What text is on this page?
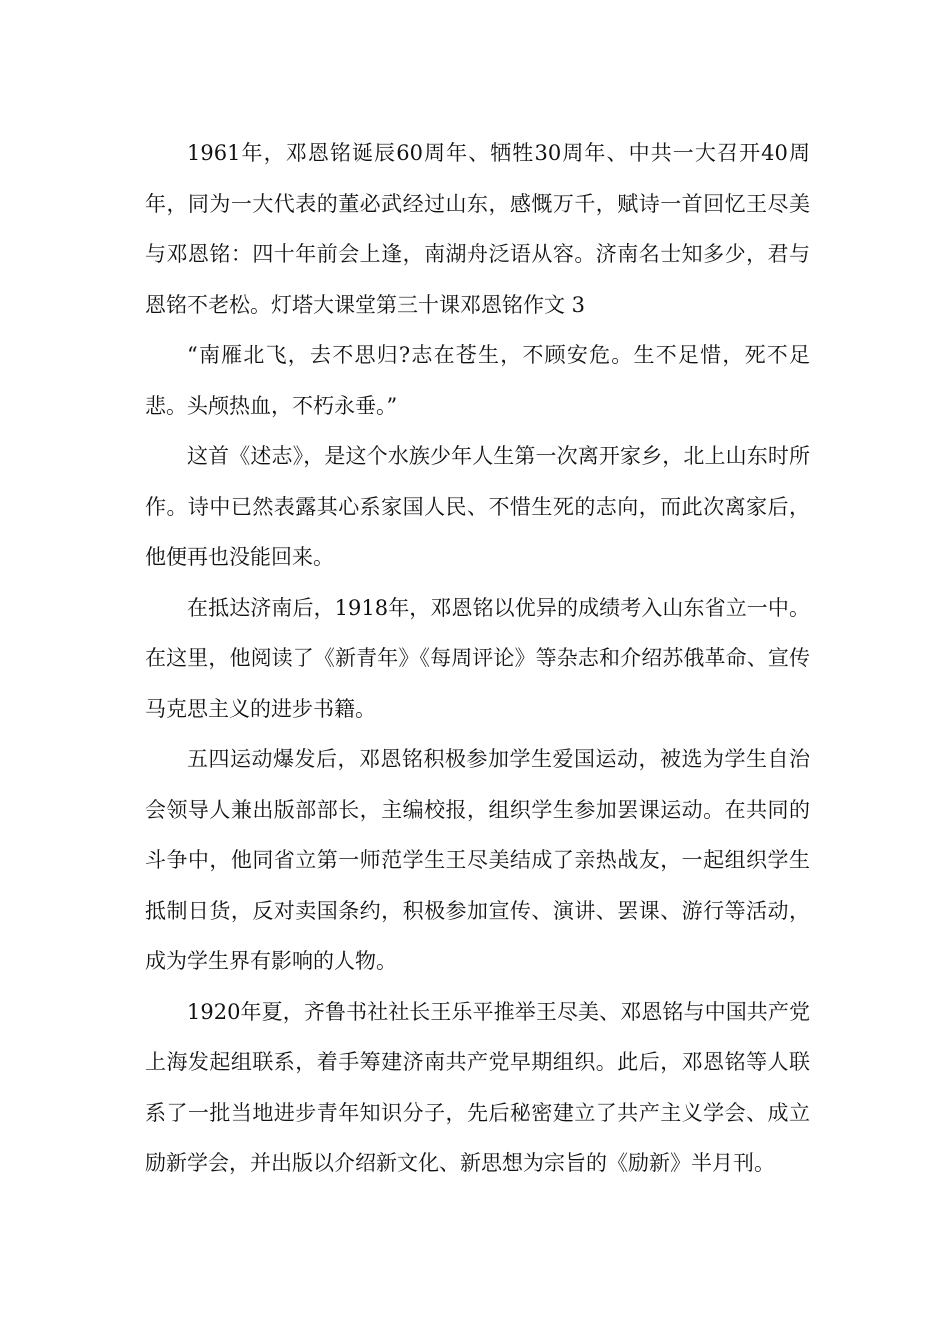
1961年，邓恩铭诞辰60周年、牺牲30周年、中共一大召开40周年，同为一大代表的董必武经过山东，感慨万千，赋诗一首回忆王尽美与邓恩铭：四十年前会上逢，南湖舟泛语从容。济南名士知多少，君与恩铭不老松。灯塔大课堂第三十课邓恩铭作文 3

“南雁北飞，去不思归?志在苍生，不顾安危。生不足惜，死不足悲。头颅热血，不朽永垂。”

这首《述志》，是这个水族少年人生第一次离开家乡，北上山东时所作。诗中已然表露其心系家国人民、不惜生死的志向，而此次离家后，他便再也没能回来。

在抵达济南后，1918年，邓恩铭以优异的成绩考入山东省立一中。在这里，他阅读了《新青年》《每周评论》等杂志和介绍苏俄革命、宣传马克思主义的进步书籍。

五四运动爆发后，邓恩铭积极参加学生爱国运动，被选为学生自治会领导人兼出版部部长，主编校报，组织学生参加罢课运动。在共同的斗争中，他同省立第一师范学生王尽美结成了亲热战友，一起组织学生抵制日货，反对卖国条约，积极参加宣传、演讲、罢课、游行等活动，成为学生界有影响的人物。

1920年夏，齐鲁书社社长王乐平推举王尽美、邓恩铭与中国共产党上海发起组联系，着手筹建济南共产党早期组织。此后，邓恩铭等人联系了一批当地进步青年知识分子，先后秘密建立了共产主义学会、成立励新学会，并出版以介绍新文化、新思想为宗旨的《励新》半月刊。
